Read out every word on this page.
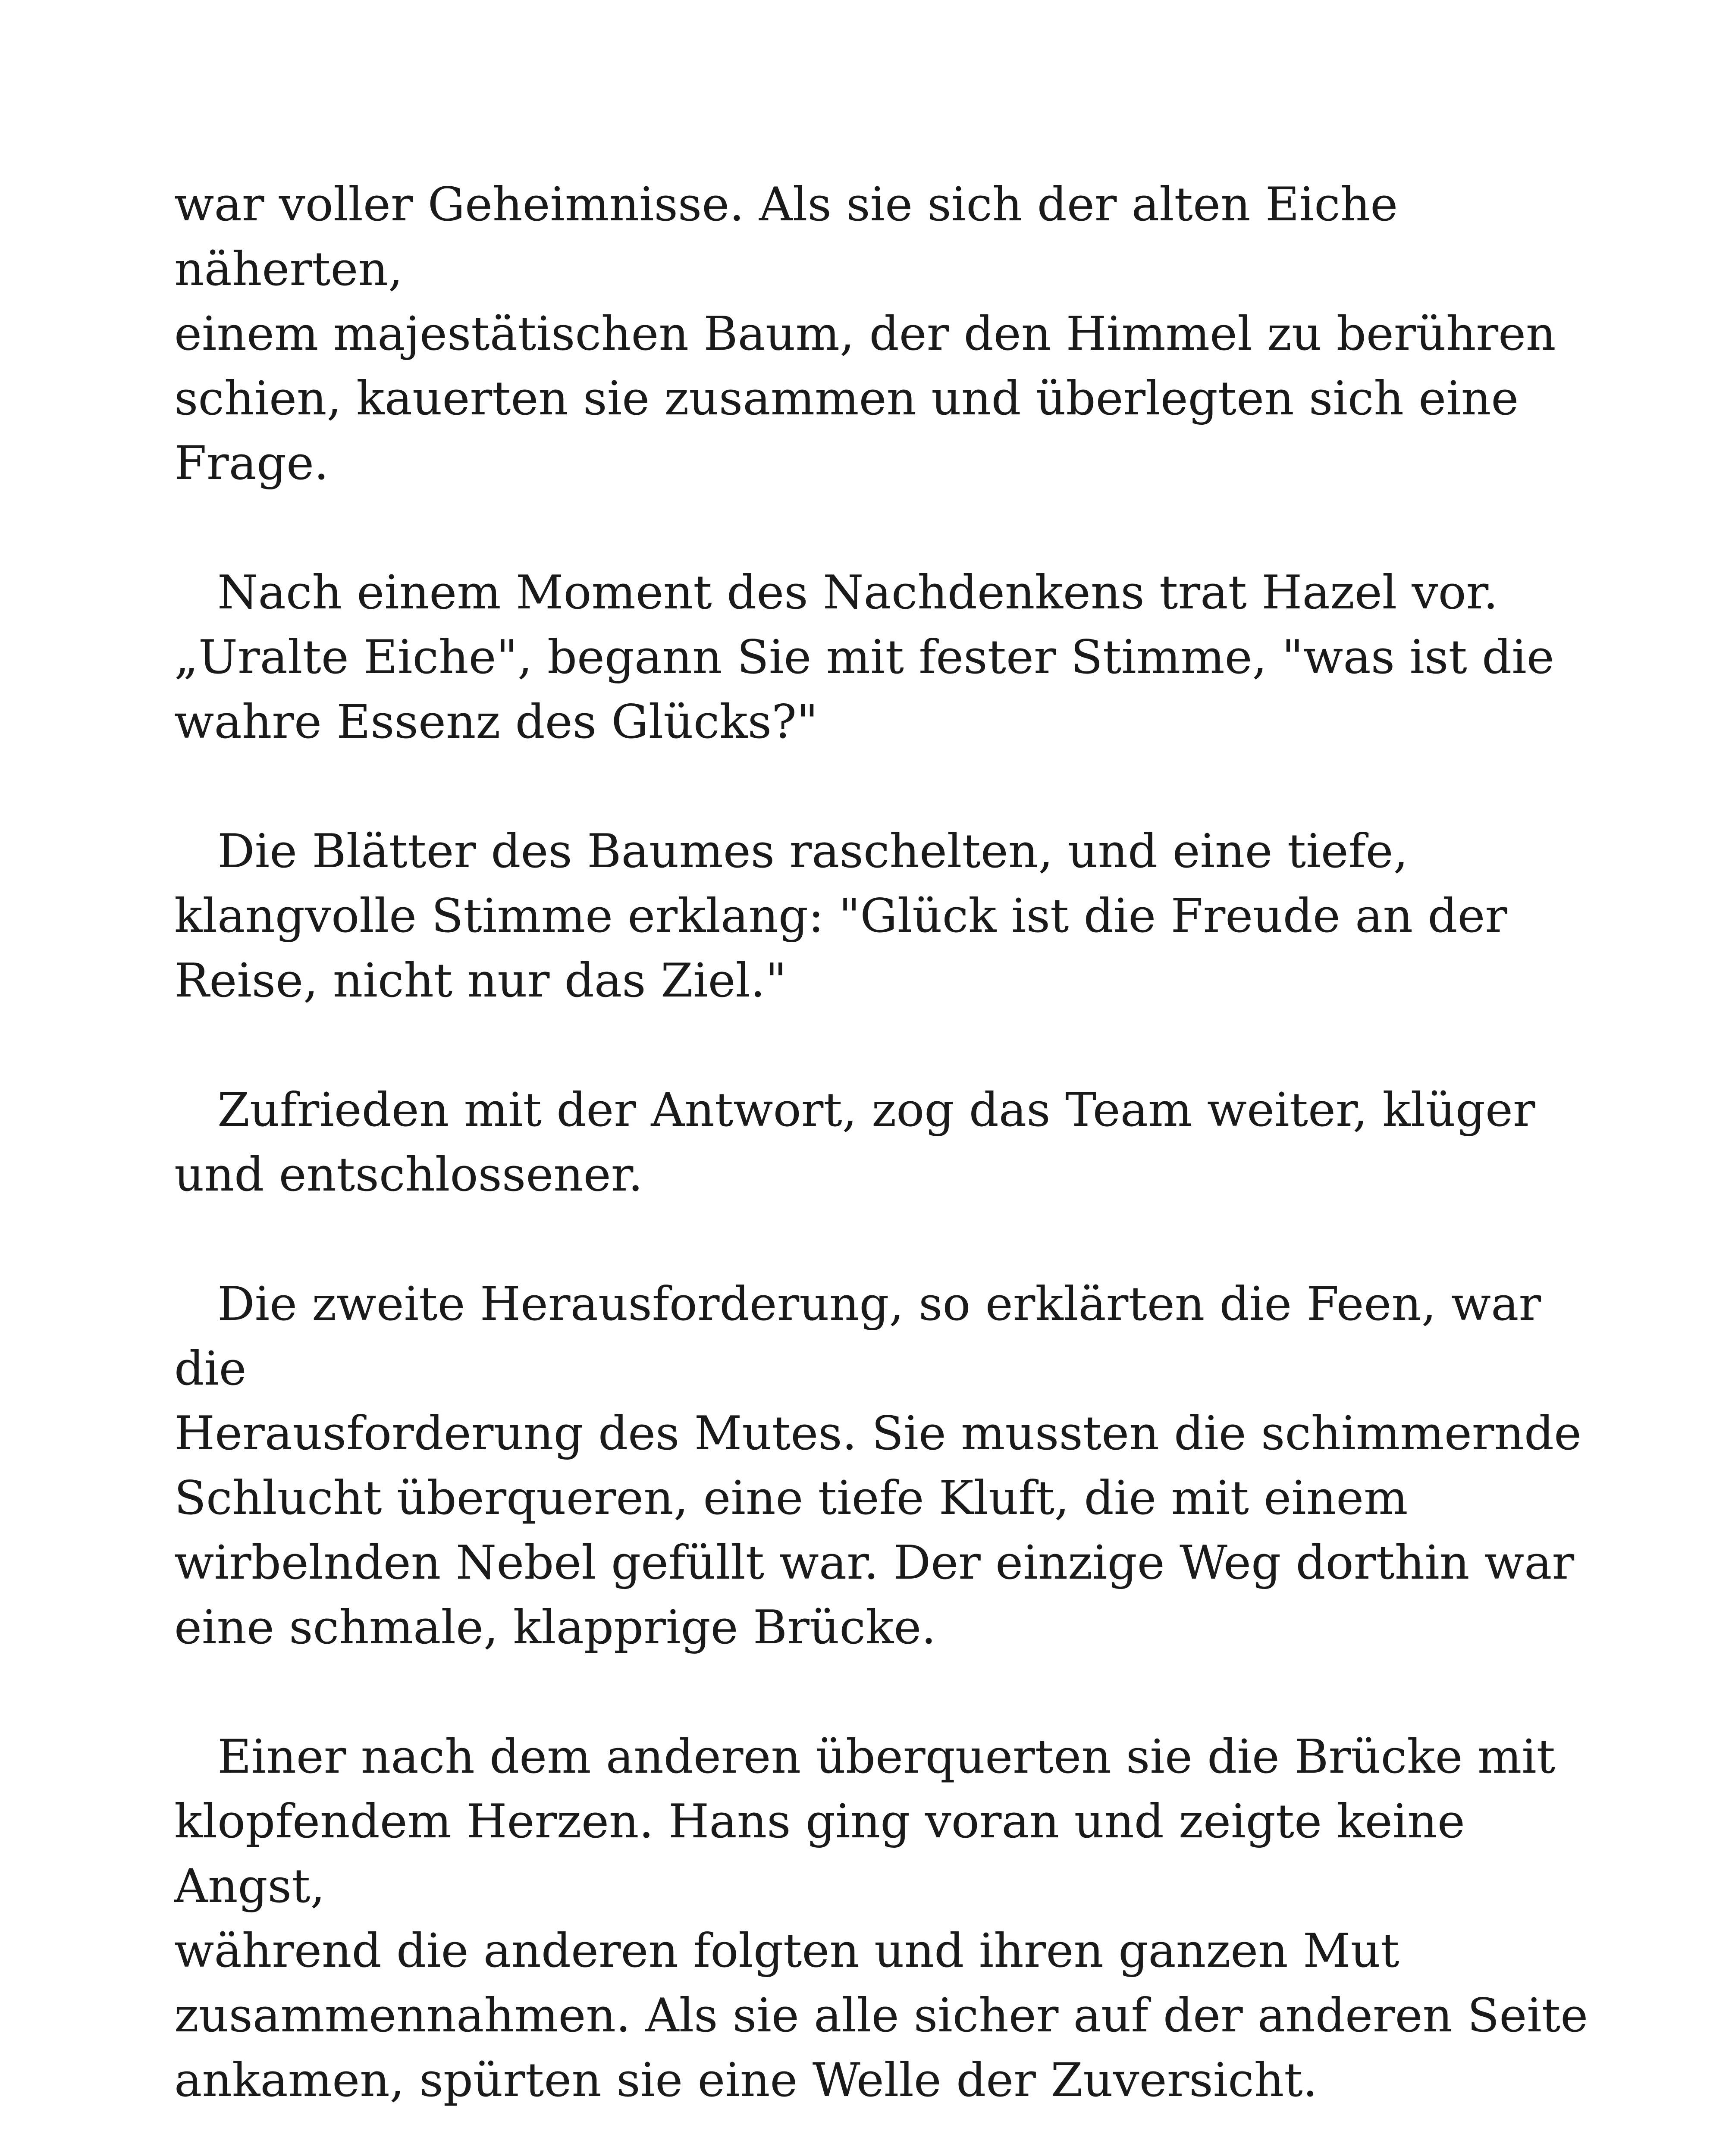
war voller Geheimnisse. Als sie sich der alten Eiche näherten,
einem majestätischen Baum, der den Himmel zu berühren
schien, kauerten sie zusammen und überlegten sich eine
Frage.

Nach einem Moment des Nachdenkens trat Hazel vor.
„Uralte Eiche", begann Sie mit fester Stimme, "was ist die
wahre Essenz des Glücks?"

Die Blätter des Baumes raschelten, und eine tiefe,
klangvolle Stimme erklang: "Glück ist die Freude an der
Reise, nicht nur das Ziel."

Zufrieden mit der Antwort, zog das Team weiter, klüger
und entschlossener.

Die zweite Herausforderung, so erklärten die Feen, war die
Herausforderung des Mutes. Sie mussten die schimmernde
Schlucht überqueren, eine tiefe Kluft, die mit einem
wirbelnden Nebel gefüllt war. Der einzige Weg dorthin war
eine schmale, klapprige Brücke.

Einer nach dem anderen überquerten sie die Brücke mit
klopfendem Herzen. Hans ging voran und zeigte keine Angst,
während die anderen folgten und ihren ganzen Mut
zusammennahmen. Als sie alle sicher auf der anderen Seite
ankamen, spürten sie eine Welle der Zuversicht.
